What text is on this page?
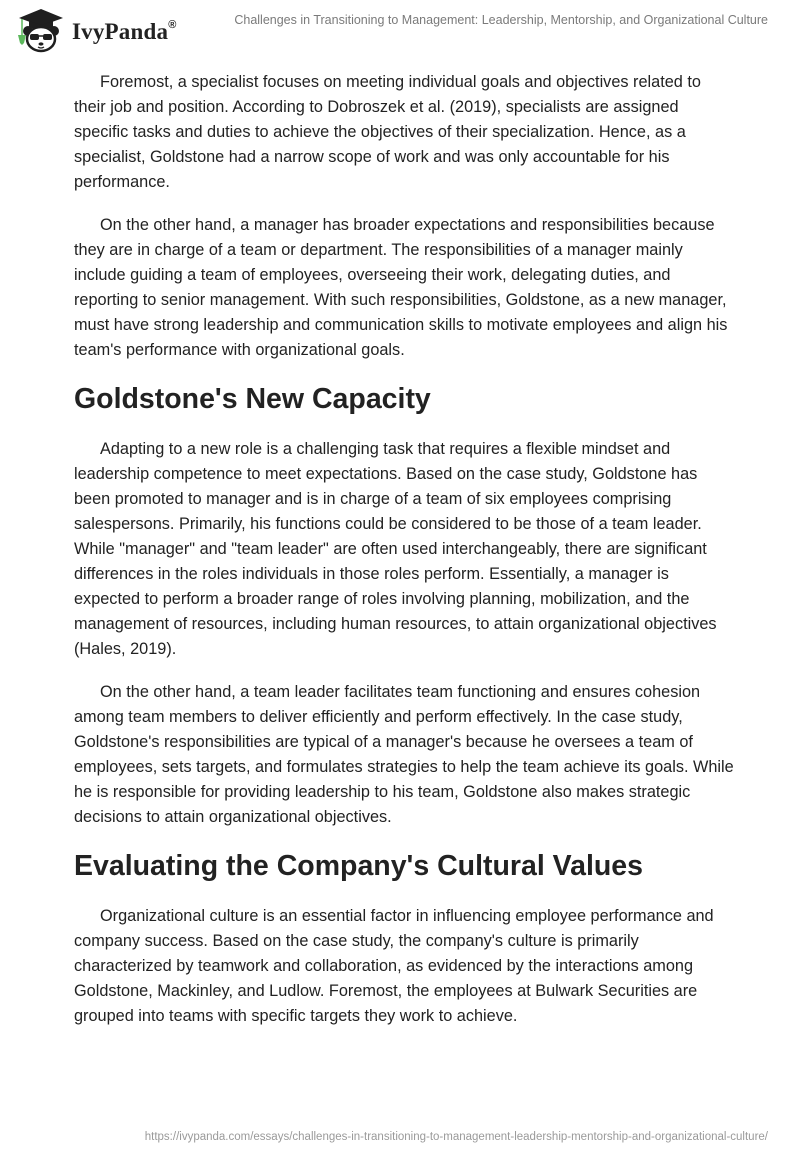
IvyPanda®	Challenges in Transitioning to Management: Leadership, Mentorship, and Organizational Culture

Foremost, a specialist focuses on meeting individual goals and objectives related to their job and position. According to Dobroszek et al. (2019), specialists are assigned specific tasks and duties to achieve the objectives of their specialization. Hence, as a specialist, Goldstone had a narrow scope of work and was only accountable for his performance.

On the other hand, a manager has broader expectations and responsibilities because they are in charge of a team or department. The responsibilities of a manager mainly include guiding a team of employees, overseeing their work, delegating duties, and reporting to senior management. With such responsibilities, Goldstone, as a new manager, must have strong leadership and communication skills to motivate employees and align his team's performance with organizational goals.

Goldstone's New Capacity

Adapting to a new role is a challenging task that requires a flexible mindset and leadership competence to meet expectations. Based on the case study, Goldstone has been promoted to manager and is in charge of a team of six employees comprising salespersons. Primarily, his functions could be considered to be those of a team leader. While "manager" and "team leader" are often used interchangeably, there are significant differences in the roles individuals in those roles perform. Essentially, a manager is expected to perform a broader range of roles involving planning, mobilization, and the management of resources, including human resources, to attain organizational objectives (Hales, 2019).

On the other hand, a team leader facilitates team functioning and ensures cohesion among team members to deliver efficiently and perform effectively. In the case study, Goldstone's responsibilities are typical of a manager's because he oversees a team of employees, sets targets, and formulates strategies to help the team achieve its goals. While he is responsible for providing leadership to his team, Goldstone also makes strategic decisions to attain organizational objectives.

Evaluating the Company's Cultural Values

Organizational culture is an essential factor in influencing employee performance and company success. Based on the case study, the company's culture is primarily characterized by teamwork and collaboration, as evidenced by the interactions among Goldstone, Mackinley, and Ludlow. Foremost, the employees at Bulwark Securities are grouped into teams with specific targets they work to achieve.

https://ivypanda.com/essays/challenges-in-transitioning-to-management-leadership-mentorship-and-organizational-culture/
